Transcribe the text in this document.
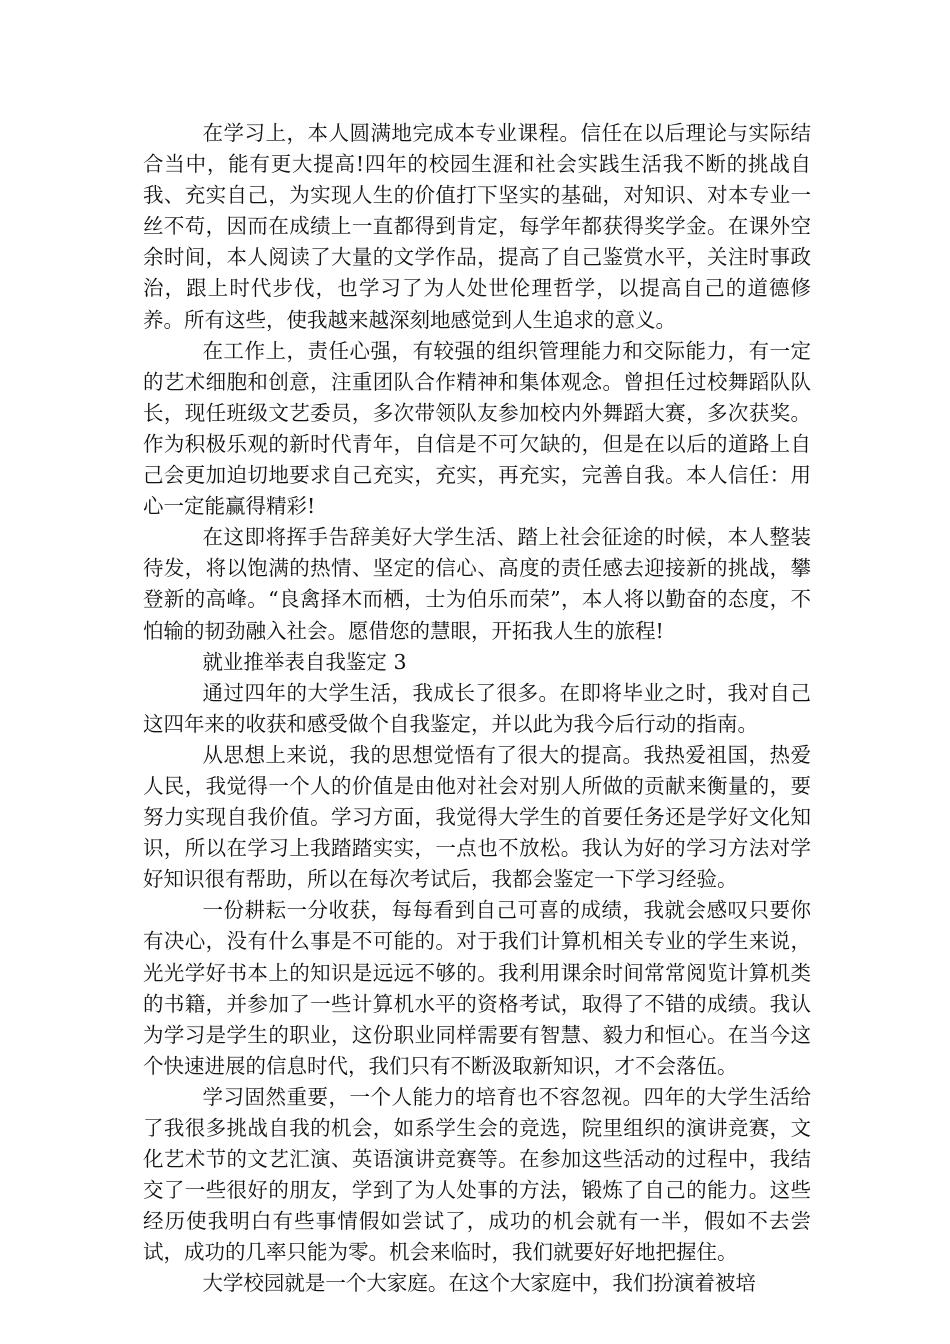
在学习上，本人圆满地完成本专业课程。信任在以后理论与实际结合当中，能有更大提高!四年的校园生涯和社会实践生活我不断的挑战自我、充实自己，为实现人生的价值打下坚实的基础，对知识、对本专业一丝不苟，因而在成绩上一直都得到肯定，每学年都获得奖学金。在课外空余时间，本人阅读了大量的文学作品，提高了自己鉴赏水平，关注时事政治，跟上时代步伐，也学习了为人处世伦理哲学，以提高自己的道德修养。所有这些，使我越来越深刻地感觉到人生追求的意义。

在工作上，责任心强，有较强的组织管理能力和交际能力，有一定的艺术细胞和创意，注重团队合作精神和集体观念。曾担任过校舞蹈队队长，现任班级文艺委员，多次带领队友参加校内外舞蹈大赛，多次获奖。作为积极乐观的新时代青年，自信是不可欠缺的，但是在以后的道路上自己会更加迫切地要求自己充实，充实，再充实，完善自我。本人信任：用心一定能赢得精彩!

在这即将挥手告辞美好大学生活、踏上社会征途的时候，本人整装待发，将以饱满的热情、坚定的信心、高度的责任感去迎接新的挑战，攀登新的高峰。“良禽择木而栖，士为伯乐而荣”，本人将以勤奋的态度，不怕输的韧劲融入社会。愿借您的慧眼，开拓我人生的旅程!

就业推举表自我鉴定 3

通过四年的大学生活，我成长了很多。在即将毕业之时，我对自己这四年来的收获和感受做个自我鉴定，并以此为我今后行动的指南。

从思想上来说，我的思想觉悟有了很大的提高。我热爱祖国，热爱人民，我觉得一个人的价值是由他对社会对别人所做的贡献来衡量的，要努力实现自我价值。学习方面，我觉得大学生的首要任务还是学好文化知识，所以在学习上我踏踏实实，一点也不放松。我认为好的学习方法对学好知识很有帮助，所以在每次考试后，我都会鉴定一下学习经验。

一份耕耘一分收获，每每看到自己可喜的成绩，我就会感叹只要你有决心，没有什么事是不可能的。对于我们计算机相关专业的学生来说，光光学好书本上的知识是远远不够的。我利用课余时间常常阅览计算机类的书籍，并参加了一些计算机水平的资格考试，取得了不错的成绩。我认为学习是学生的职业，这份职业同样需要有智慧、毅力和恒心。在当今这个快速进展的信息时代，我们只有不断汲取新知识，才不会落伍。

学习固然重要，一个人能力的培育也不容忽视。四年的大学生活给了我很多挑战自我的机会，如系学生会的竞选，院里组织的演讲竞赛，文化艺术节的文艺汇演、英语演讲竞赛等。在参加这些活动的过程中，我结交了一些很好的朋友，学到了为人处事的方法，锻炼了自己的能力。这些经历使我明白有些事情假如尝试了，成功的机会就有一半，假如不去尝试，成功的几率只能为零。机会来临时，我们就要好好地把握住。

大学校园就是一个大家庭。在这个大家庭中，我们扮演着被培
